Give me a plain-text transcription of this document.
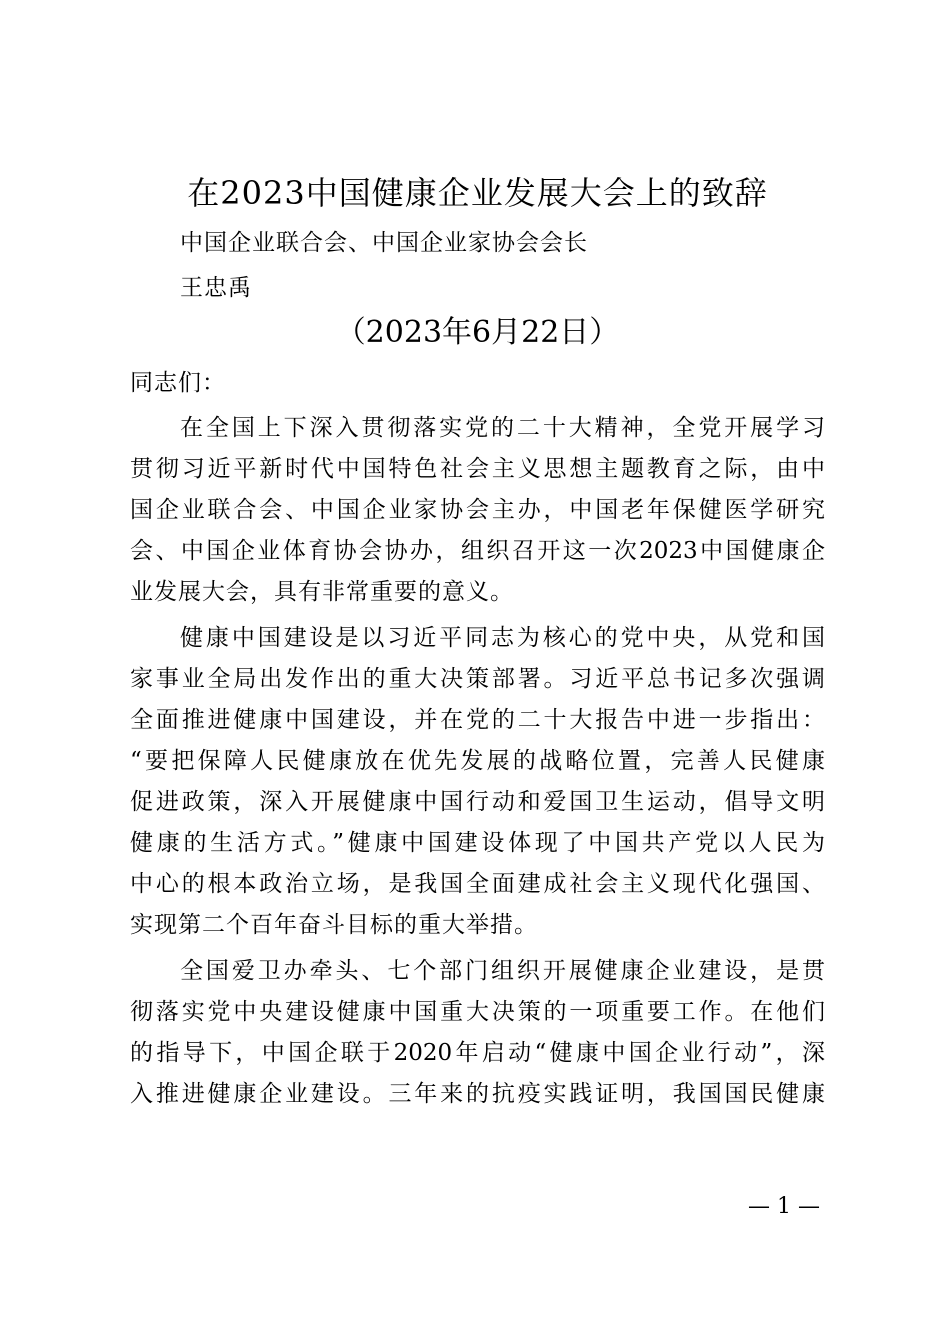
在2023中国健康企业发展大会上的致辞
中国企业联合会、中国企业家协会会长
王忠禹
（2023年6月22日）
同志们：
在全国上下深入贯彻落实党的二十大精神，全党开展学习
贯彻习近平新时代中国特色社会主义思想主题教育之际，由中
国企业联合会、中国企业家协会主办，中国老年保健医学研究
会、中国企业体育协会协办，组织召开这一次2023中国健康企
业发展大会，具有非常重要的意义。
健康中国建设是以习近平同志为核心的党中央，从党和国
家事业全局出发作出的重大决策部署。习近平总书记多次强调
全面推进健康中国建设，并在党的二十大报告中进一步指出：
“要把保障人民健康放在优先发展的战略位置，完善人民健康
促进政策，深入开展健康中国行动和爱国卫生运动，倡导文明
健康的生活方式。”健康中国建设体现了中国共产党以人民为
中心的根本政治立场，是我国全面建成社会主义现代化强国、
实现第二个百年奋斗目标的重大举措。
全国爱卫办牵头、七个部门组织开展健康企业建设，是贯
彻落实党中央建设健康中国重大决策的一项重要工作。在他们
的指导下，中国企联于2020年启动“健康中国企业行动”，深
入推进健康企业建设。三年来的抗疫实践证明，我国国民健康
— 1 —
